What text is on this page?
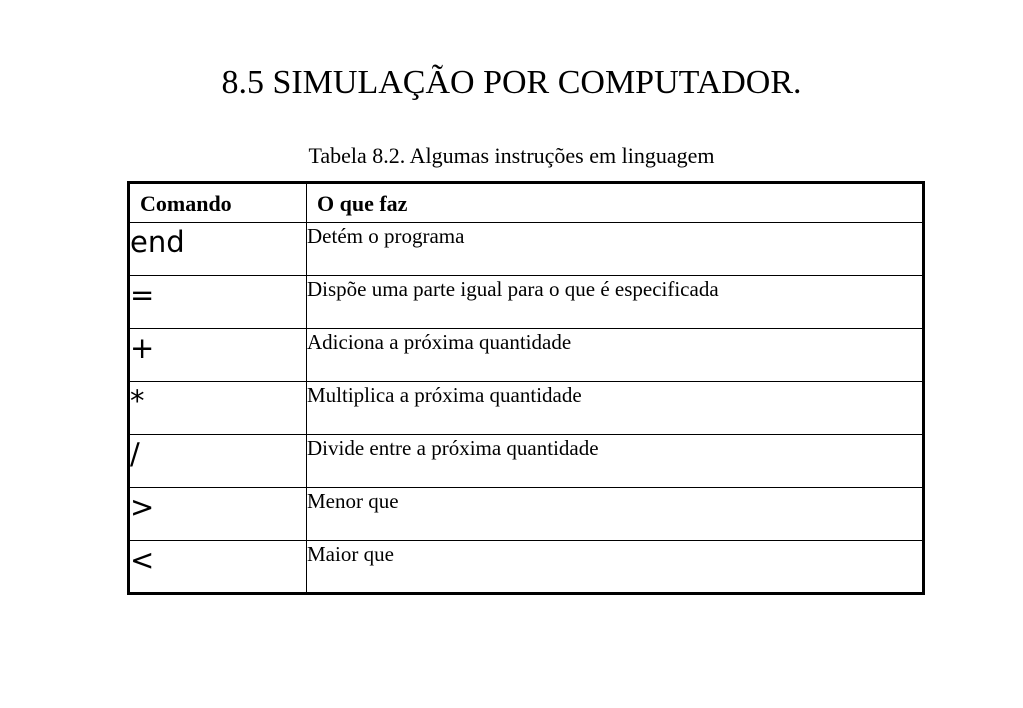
8.5 SIMULAÇÃO POR COMPUTADOR.
Tabela 8.2. Algumas instruções em linguagem
Comando	O que faz
end	Detém o programa
=	Dispõe uma parte igual para o que é especificada
+	Adiciona a próxima quantidade
*	Multiplica a próxima quantidade
/	Divide entre a próxima quantidade
>	Menor que
<	Maior que
